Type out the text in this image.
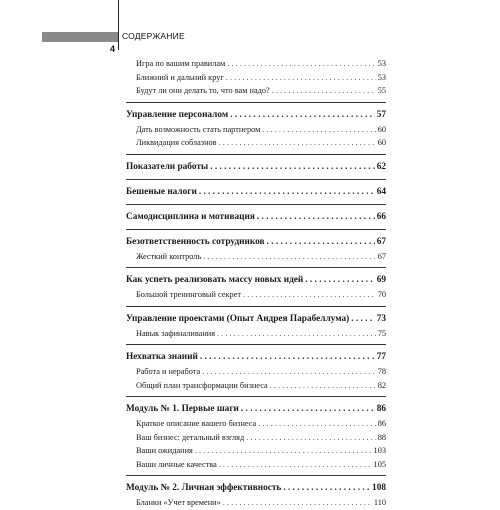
СОДЕРЖАНИЕ
4
Игра по вашим правилам . . .	53
Ближний и дальний круг . . .	53
Будут ли они делать то, что вам надо? . . .	55
Управление персоналом . . .	57
Дать возможность стать партнером . . .	60
Ликвидация соблазнов . . .	60
Показатели работы . . .	62
Бешеные налоги . . .	64
Самодисциплина и мотивация . . .	66
Безответственность сотрудников . . .	67
Жесткий контроль . . .	67
Как успеть реализовать массу новых идей . . .	69
Большой тренинговый секрет . . .	70
Управление проектами (Опыт Андрея Парабеллума) . . .	73
Навык зафиналивания . . .	75
Нехватка знаний . . .	77
Работа и неработа . . .	78
Общий план трансформации бизнеса . . .	82
Модуль № 1. Первые шаги . . .	86
Краткое описание вашего бизнеса . . .	86
Ваш бизнес: детальный взгляд . . .	88
Ваши ожидания . . .	103
Ваши личные качества . . .	105
Модуль № 2. Личная эффективность . . .	108
Бланки «Учет времени» . . .	110
